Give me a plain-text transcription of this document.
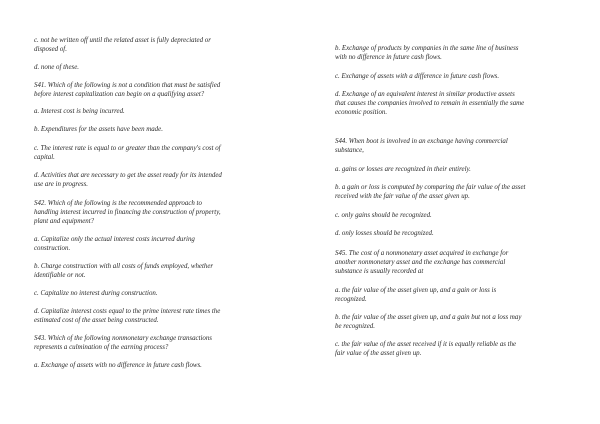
c. not be written off until the related asset is fully depreciated or
disposed of.

d. none of these.

S41. Which of the following is not a condition that must be satisfied
before interest capitalization can begin on a qualifying asset?

a. Interest cost is being incurred.

b. Expenditures for the assets have been made.

c. The interest rate is equal to or greater than the company's cost of
capital.

d. Activities that are necessary to get the asset ready for its intended
use are in progress.

S42. Which of the following is the recommended approach to
handling interest incurred in financing the construction of property,
plant and equipment?

a. Capitalize only the actual interest costs incurred during
construction.

b. Charge construction with all costs of funds employed, whether
identifiable or not.

c. Capitalize no interest during construction.

d. Capitalize interest costs equal to the prime interest rate times the
estimated cost of the asset being constructed.

S43. Which of the following nonmonetary exchange transactions
represents a culmination of the earning process?

a. Exchange of assets with no difference in future cash flows.

b. Exchange of products by companies in the same line of business
with no difference in future cash flows.

c. Exchange of assets with a difference in future cash flows.

d. Exchange of an equivalent interest in similar productive assets
that causes the companies involved to remain in essentially the same
economic position.

S44. When boot is involved in an exchange having commercial
substance,

a. gains or losses are recognized in their entirely.

b. a gain or loss is computed by comparing the fair value of the asset
received with the fair value of the asset given up.

c. only gains should be recognized.

d. only losses should be recognized.

S45. The cost of a nonmonetary asset acquired in exchange for
another nonmonetary asset and the exchange has commercial
substance is usually recorded at

a. the fair value of the asset given up, and a gain or loss is
recognized.

b. the fair value of the asset given up, and a gain but not a loss may
be recognized.

c. the fair value of the asset received if it is equally reliable as the
fair value of the asset given up.
